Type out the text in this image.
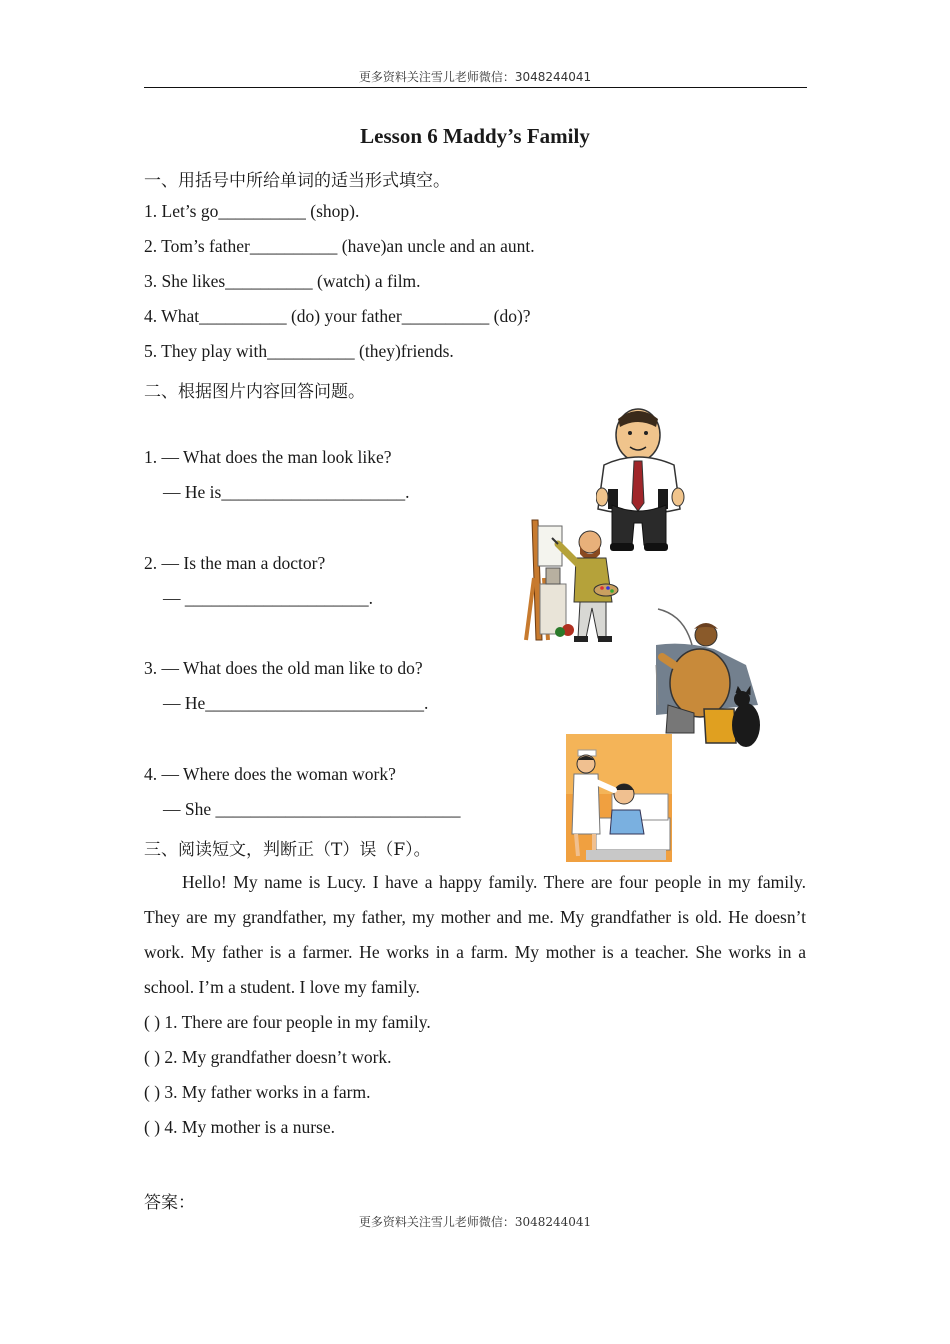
更多资料关注雪儿老师微信：3048244041
Lesson 6 Maddy’s Family
一、用括号中所给单词的适当形式填空。
1. Let’s go__________ (shop).
2. Tom’s father__________ (have)an uncle and an aunt.
3. She likes__________ (watch) a film.
4. What__________ (do) your father__________ (do)?
5. They play with__________ (they)friends.
二、根据图片内容回答问题。
1. — What does the man look like?
— He is_____________________.
2. — Is the man a doctor?
— _____________________.
3. — What does the old man like to do?
— He_________________________.
4. — Where does the woman work?
— She ____________________________
三、阅读短文，判断正（T）误（F）。
Hello! My name is Lucy. I have a happy family. There are four people in my family. They are my grandfather, my father, my mother and me. My grandfather is old. He doesn’t work. My father is a farmer. He works in a farm. My mother is a teacher. She works in a school. I’m a student. I love my family.
( ) 1. There are four people in my family.
( ) 2. My grandfather doesn’t work.
( ) 3. My father works in a farm.
( ) 4. My mother is a nurse.
答案：
更多资料关注雪儿老师微信：3048244041
